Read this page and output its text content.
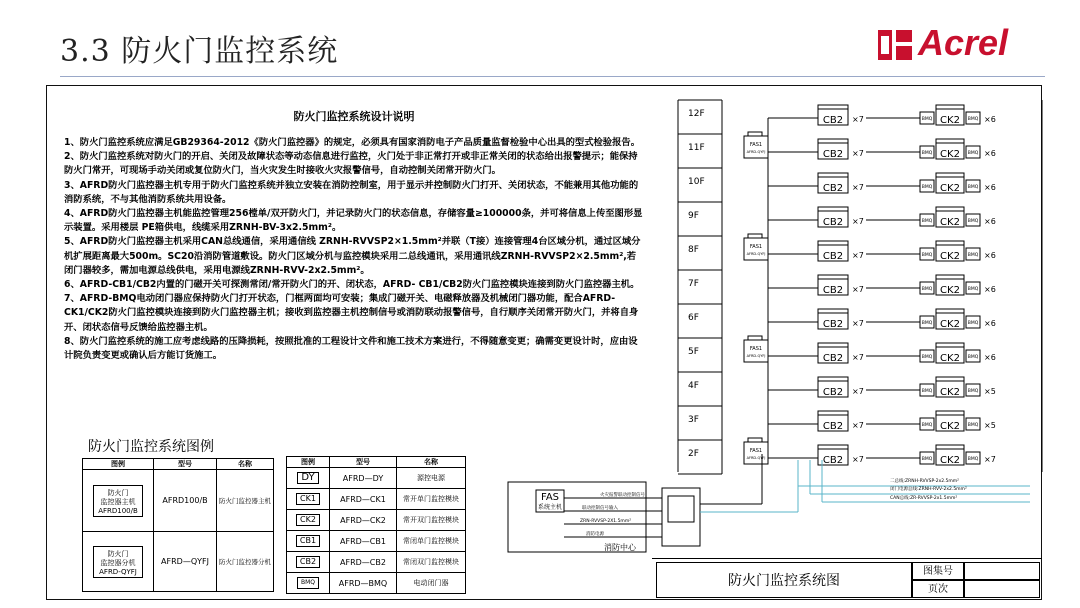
3.3 防火门监控系统	Acrel
防火门监控系统设计说明

1、防火门监控系统应满足GB29364-2012《防火门监控器》的规定，必须具有国家消防电子产品质量监督检验中心出具的型式检验报告。

2、防火门监控系统对防火门的开启、关闭及故障状态等动态信息进行监控，火门处于非正常打开或非正常关闭的状态给出报警提示；能保持防火门常开，可现场手动关闭或复位防火门，当火灾发生时接收火灾报警信号，自动控制关闭常开防火门。

3、AFRD防火门监控器主机专用于防火门监控系统并独立安装在消防控制室，用于显示并控制防火门打开、关闭状态，不能兼用其他功能的消防系统，不与其他消防系统共用设备。

4、AFRD防火门监控器主机能监控管理256樘单/双开防火门，并记录防火门的状态信息，存储容量≥100000条，并可将信息上传至图形显示装置。采用楼层 PE箱供电，线缆采用ZRNH-BV-3x2.5mm²。

5、AFRD防火门监控器主机采用CAN总线通信，采用通信线 ZRNH-RVVSP2×1.5mm²并联（T接）连接管理4台区域分机，通过区域分机扩展距离最大500m。SC20沿消防管道敷设。防火门区域分机与监控模块采用二总线通讯，采用通讯线ZRNH-RVVSP2×2.5mm²,若闭门器较多，需加电源总线供电，采用电源线ZRNH-RVV-2x2.5mm²。

6、AFRD-CB1/CB2内置的门磁开关可探测常闭/常开防火门的开、闭状态，AFRD- CB1/CB2防火门监控模块连接到防火门监控器主机。

7、AFRD-BMQ电动闭门器应保持防火门打开状态，门框两面均可安装；集成门磁开关、电磁释放器及机械闭门器功能，配合AFRD-CK1/CK2防火门监控模块连接到防火门监控器主机；接收到监控器主机控制信号或消防联动报警信号，自行顺序关闭常开防火门，并将自身开、闭状态信号反馈给监控器主机。

8、防火门监控系统的施工应考虑线路的压降损耗，按照批准的工程设计文件和施工技术方案进行，不得随意变更；确需变更设计时，应由设计院负责变更或确认后方能订货施工。

防火门监控系统图例
图例	型号	名称
防火门
监控器主机
AFRD100/B	AFRD100/B	防火门监控器主机
防火门
监控器分机
AFRD-QYFJ	AFRD—QYFJ	防火门监控器分机
图例	型号	名称
DY	AFRD—DY	源控电源
CK1	AFRD—CK1	常开单门监控模块
CK2	AFRD—CK2	常开双门监控模块
CB1	AFRD—CB1	常闭单门监控模块
CB2	AFRD—CB2	常闭双门监控模块
BMQ	AFRD—BMQ	电动闭门器
12F
CB2 ×7	BMQ CK2 BMQ ×6
11F
CB2 ×7	BMQ CK2 BMQ ×6
10F
CB2 ×7	BMQ CK2 BMQ ×6
9F
CB2 ×7	BMQ CK2 BMQ ×6
8F
CB2 ×7	BMQ CK2 BMQ ×6
7F
CB2 ×7	BMQ CK2 BMQ ×6
6F
CB2 ×7	BMQ CK2 BMQ ×6
5F
CB2 ×7	BMQ CK2 BMQ ×6
4F
CB2 ×7	BMQ CK2 BMQ ×5
3F
CB2 ×7	BMQ CK2 BMQ ×5
2F
CB2 ×7	BMQ CK2 BMQ ×7
FAS1
AFRD-QYFJ
FAS1
AFRD-QYFJ
FAS1
AFRD-QYFJ
FAS1
AFRD-QYFJ
FAS
系统主机
火灾报警联动控制信号
联动控制信号输入
ZRN-RVVSP-2X1.5mm²
消防电源
消防中心
二总线:ZRNH-RVVSP-2x2.5mm²
闭门电源总线:ZRNH-RVV-2x2.5mm²
CAN总线:ZR-RVVSP-2x1.5mm²
防火门监控系统图
图集号
页次
